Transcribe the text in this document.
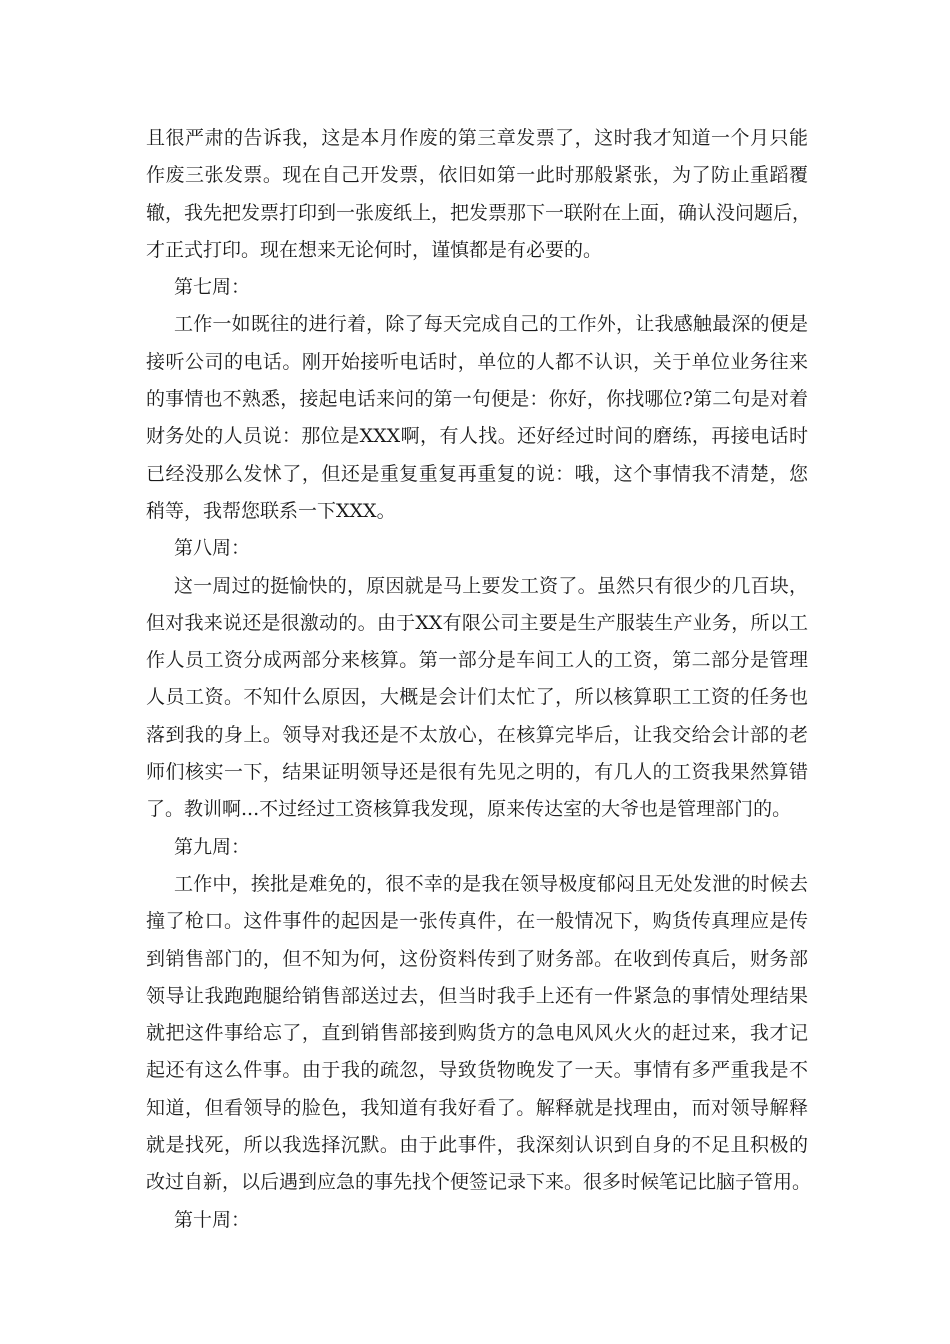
且很严肃的告诉我，这是本月作废的第三章发票了，这时我才知道一个月只能
作废三张发票。现在自己开发票，依旧如第一此时那般紧张，为了防止重蹈覆
辙，我先把发票打印到一张废纸上，把发票那下一联附在上面，确认没问题后，
才正式打印。现在想来无论何时，谨慎都是有必要的。
第七周：
工作一如既往的进行着，除了每天完成自己的工作外，让我感触最深的便是
接听公司的电话。刚开始接听电话时，单位的人都不认识，关于单位业务往来
的事情也不熟悉，接起电话来问的第一句便是：你好，你找哪位?第二句是对着
财务处的人员说：那位是XXX啊，有人找。还好经过时间的磨练，再接电话时
已经没那么发怵了，但还是重复重复再重复的说：哦，这个事情我不清楚，您
稍等，我帮您联系一下XXX。
第八周：
这一周过的挺愉快的，原因就是马上要发工资了。虽然只有很少的几百块，
但对我来说还是很激动的。由于XX有限公司主要是生产服装生产业务，所以工
作人员工资分成两部分来核算。第一部分是车间工人的工资，第二部分是管理
人员工资。不知什么原因，大概是会计们太忙了，所以核算职工工资的任务也
落到我的身上。领导对我还是不太放心，在核算完毕后，让我交给会计部的老
师们核实一下，结果证明领导还是很有先见之明的，有几人的工资我果然算错
了。教训啊...不过经过工资核算我发现，原来传达室的大爷也是管理部门的。
第九周：
工作中，挨批是难免的，很不幸的是我在领导极度郁闷且无处发泄的时候去
撞了枪口。这件事件的起因是一张传真件，在一般情况下，购货传真理应是传
到销售部门的，但不知为何，这份资料传到了财务部。在收到传真后，财务部
领导让我跑跑腿给销售部送过去，但当时我手上还有一件紧急的事情处理结果
就把这件事给忘了，直到销售部接到购货方的急电风风火火的赶过来，我才记
起还有这么件事。由于我的疏忽，导致货物晚发了一天。事情有多严重我是不
知道，但看领导的脸色，我知道有我好看了。解释就是找理由，而对领导解释
就是找死，所以我选择沉默。由于此事件，我深刻认识到自身的不足且积极的
改过自新，以后遇到应急的事先找个便签记录下来。很多时候笔记比脑子管用。
第十周：
